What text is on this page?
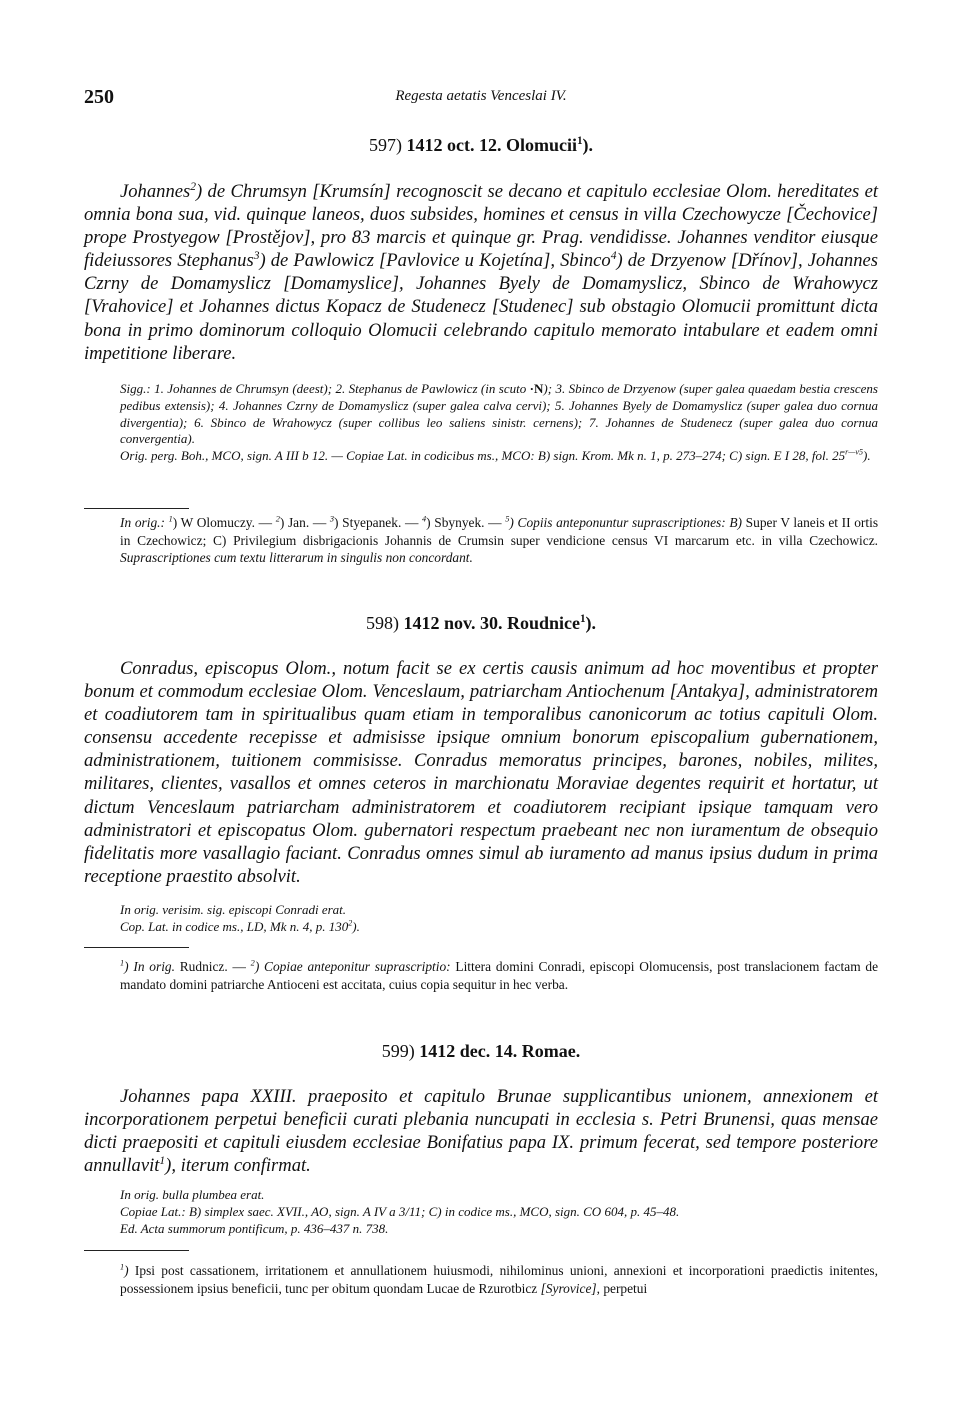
250	Regesta aetatis Venceslai IV.
597) 1412 oct. 12. Olomucii$^1$).

Johannes$^2$) de Chrumsyn [Krumsín] recognoscit se decano et capitulo ecclesiae Olom. hereditates et omnia bona sua, vid. quinque laneos, duos subsides, homines et census in villa Czechowycze [Čechovice] prope Prostyegow [Prostějov], pro 83 marcis et quinque gr. Prag. vendidisse. Johannes venditor eiusque fideiussores Stephanus$^3$) de Pawlowicz [Pavlovice u Kojetína], Sbinco$^4$) de Drzyenow [Dřínov], Johannes Czrny de Domamyslicz [Domamyslice], Johannes Byely de Domamyslicz, Sbinco de Wrahowycz [Vrahovice] et Johannes dictus Kopacz de Studenecz [Studenec] sub obstagio Olomucii promittunt dicta bona in primo dominorum colloquio Olomucii celebrando capitulo memorato intabulare et eadem omni impetitione liberare.

Sigg.: 1. Johannes de Chrumsyn (deest); 2. Stephanus de Pawlowicz (in scuto ·N); 3. Sbinco de Drzyenow (super galea quaedam bestia crescens pedibus extensis); 4. Johannes Czrny de Domamyslicz (super galea calva cervi); 5. Johannes Byely de Domamyslicz (super galea duo cornua divergentia); 6. Sbinco de Wrahowycz (super collibus leo saliens sinistr. cernens); 7. Johannes de Studenecz (super galea duo cornua convergentia).

Orig. perg. Boh., MCO, sign. A III b 12. — Copiae Lat. in codicibus ms., MCO: B) sign. Krom. Mk n. 1, p. 273–274; C) sign. E I 28, fol. $25^{r—v5}$).

In orig.: $^1$) W Olomuczy. — $^2$) Jan. — $^3$) Styepanek. — $^4$) Sbynyek. — $^5$) Copiis anteponuntur suprascriptiones: B) Super V laneis et II ortis in Czechowicz; C) Privilegium disbrigacionis Johannis de Crumsin super vendicione census VI marcarum etc. in villa Czechowicz. Suprascriptiones cum textu litterarum in singulis non concordant.

598) 1412 nov. 30. Roudnice$^1$).

Conradus, episcopus Olom., notum facit se ex certis causis animum ad hoc moventibus et propter bonum et commodum ecclesiae Olom. Venceslaum, patriarcham Antiochenum [Antakya], administratorem et coadiutorem tam in spiritualibus quam etiam in temporalibus canonicorum ac totius capituli Olom. consensu accedente recepisse et admisisse ipsique omnium bonorum episcopalium gubernationem, administrationem, tuitionem commisisse. Conradus memoratus principes, barones, nobiles, milites, militares, clientes, vasallos et omnes ceteros in marchionatu Moraviae degentes requirit et hortatur, ut dictum Venceslaum patriarcham administratorem et coadiutorem recipiant ipsique tamquam vero administratori et episcopatus Olom. gubernatori respectum praebeant nec non iuramentum de obsequio fidelitatis more vasallagio faciant. Conradus omnes simul ab iuramento ad manus ipsius dudum in prima receptione praestito absolvit.

In orig. verisim. sig. episcopi Conradi erat.

Cop. Lat. in codice ms., LD, Mk n. 4, p. $130^2$).

$^1$) In orig. Rudnicz. — $^2$) Copiae anteponitur suprascriptio: Littera domini Conradi, episcopi Olomucensis, post translacionem factam de mandato domini patriarche Antioceni est accitata, cuius copia sequitur in hec verba.

599) 1412 dec. 14. Romae.

Johannes papa XXIII. praeposito et capitulo Brunae supplicantibus unionem, annexionem et incorporationem perpetui beneficii curati plebania nuncupati in ecclesia s. Petri Brunensi, quas mensae dicti praepositi et capituli eiusdem ecclesiae Bonifatius papa IX. primum fecerat, sed tempore posteriore annullavit$^1$), iterum confirmat.

In orig. bulla plumbea erat.

Copiae Lat.: B) simplex saec. XVII., AO, sign. A IV a 3/11; C) in codice ms., MCO, sign. CO 604, p. 45–48.

Ed. Acta summorum pontificum, p. 436–437 n. 738.

$^1$) Ipsi post cassationem, irritationem et annullationem huiusmodi, nihilominus unioni, annexioni et incorporationi praedictis initentes, possessionem ipsius beneficii, tunc per obitum quondam Lucae de Rzurotbicz [Syrovice], perpetui
